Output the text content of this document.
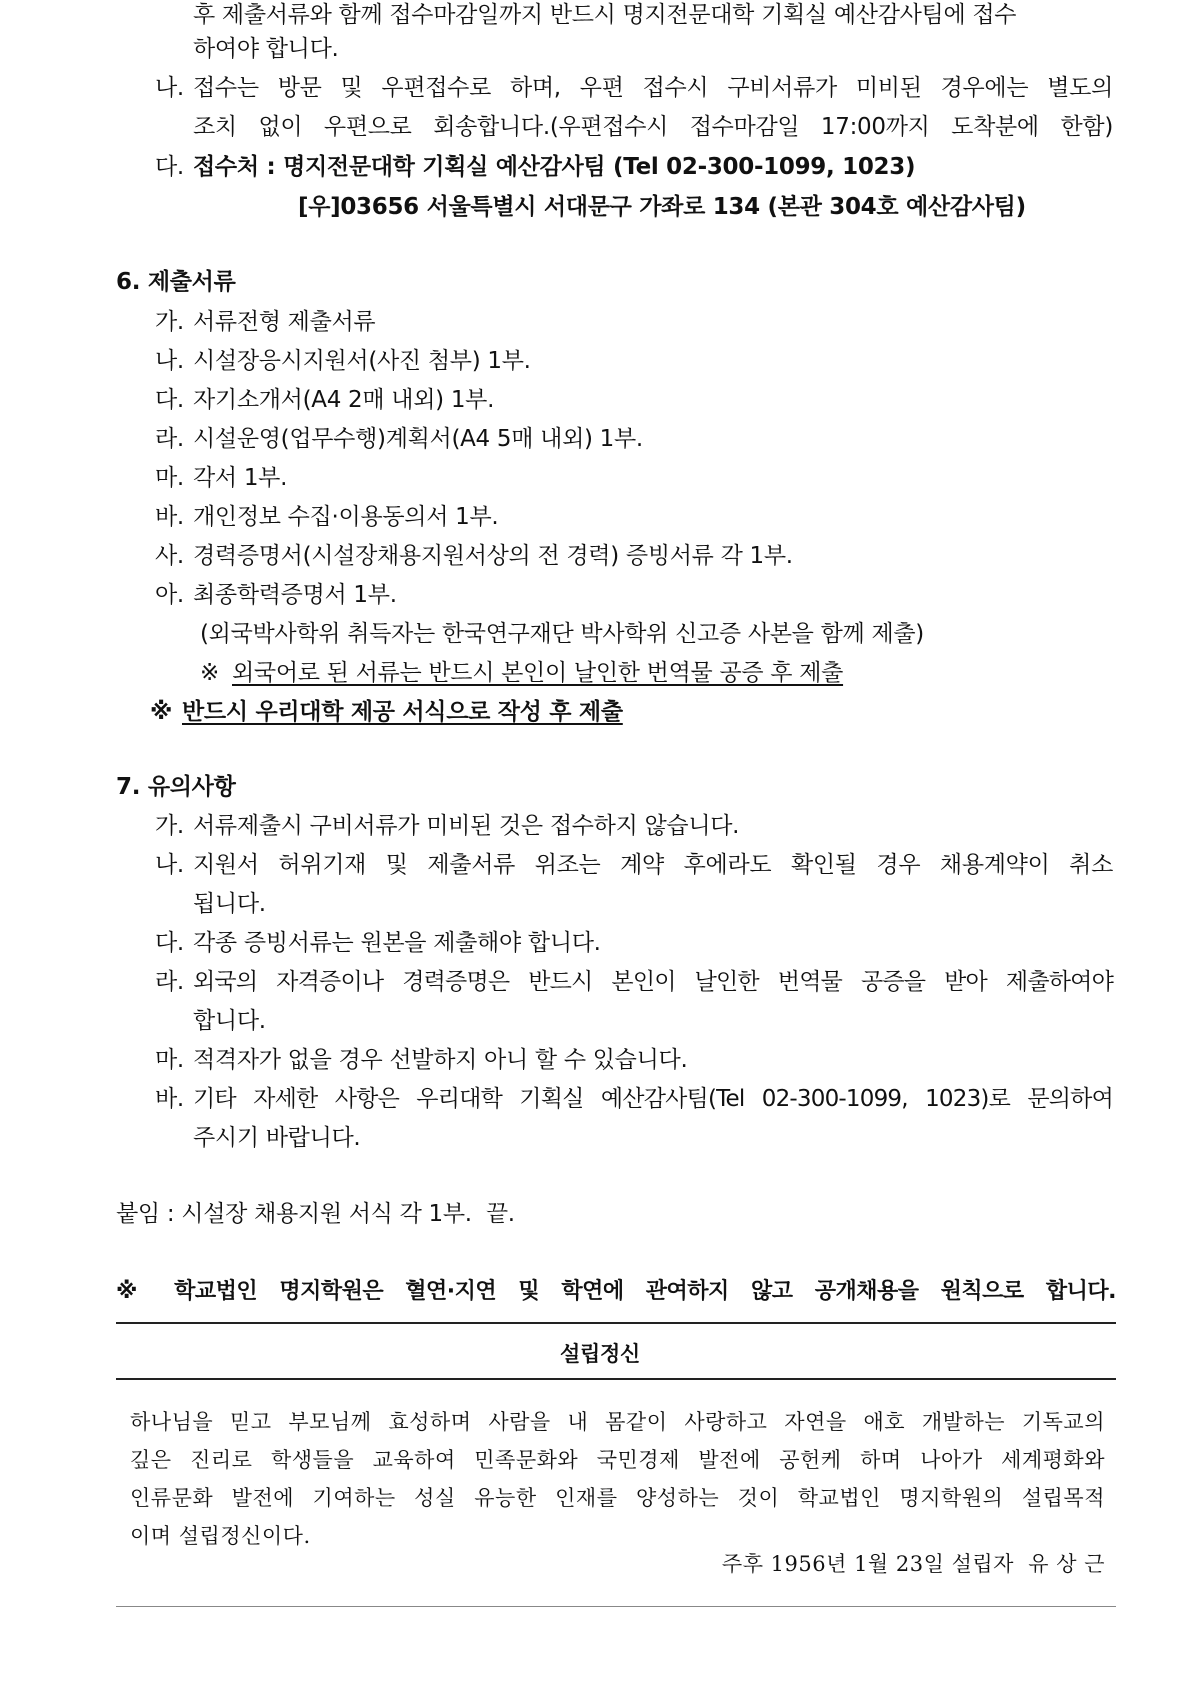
후 제출서류와 함께 접수마감일까지 반드시 명지전문대학 기획실 예산감사팀에 접수
하여야 합니다.
나. 접수는 방문 및 우편접수로 하며, 우편 접수시 구비서류가 미비된 경우에는 별도의
조치 없이 우편으로 회송합니다.(우편접수시 접수마감일 17:00까지 도착분에 한함)
다. 접수처 : 명지전문대학 기획실 예산감사팀 (Tel 02-300-1099, 1023)
[우]03656 서울특별시 서대문구 가좌로 134 (본관 304호 예산감사팀)
6. 제출서류
가. 서류전형 제출서류
나. 시설장응시지원서(사진 첨부) 1부.
다. 자기소개서(A4 2매 내외) 1부.
라. 시설운영(업무수행)계획서(A4 5매 내외) 1부.
마. 각서 1부.
바. 개인정보 수집·이용동의서 1부.
사. 경력증명서(시설장채용지원서상의 전 경력) 증빙서류 각 1부.
아. 최종학력증명서 1부.
(외국박사학위 취득자는 한국연구재단 박사학위 신고증 사본을 함께 제출)
※ 외국어로 된 서류는 반드시 본인이 날인한 번역물 공증 후 제출
※ 반드시 우리대학 제공 서식으로 작성 후 제출
7. 유의사항
가. 서류제출시 구비서류가 미비된 것은 접수하지 않습니다.
나. 지원서 허위기재 및 제출서류 위조는 계약 후에라도 확인될 경우 채용계약이 취소
됩니다.
다. 각종 증빙서류는 원본을 제출해야 합니다.
라. 외국의 자격증이나 경력증명은 반드시 본인이 날인한 번역물 공증을 받아 제출하여야
합니다.
마. 적격자가 없을 경우 선발하지 아니 할 수 있습니다.
바. 기타 자세한 사항은 우리대학 기획실 예산감사팀(Tel 02-300-1099, 1023)로 문의하여
주시기 바랍니다.
붙임 : 시설장 채용지원 서식 각 1부.  끝.
※ 학교법인 명지학원은 혈연·지연 및 학연에 관여하지 않고 공개채용을 원칙으로 합니다.
설립정신
하나님을 믿고 부모님께 효성하며 사람을 내 몸같이 사랑하고 자연을 애호 개발하는 기독교의
깊은 진리로 학생들을 교육하여 민족문화와 국민경제 발전에 공헌케 하며 나아가 세계평화와
인류문화 발전에 기여하는 성실 유능한 인재를 양성하는 것이 학교법인 명지학원의 설립목적
이며 설립정신이다.
주후 1956년 1월 23일 설립자  유 상 근
